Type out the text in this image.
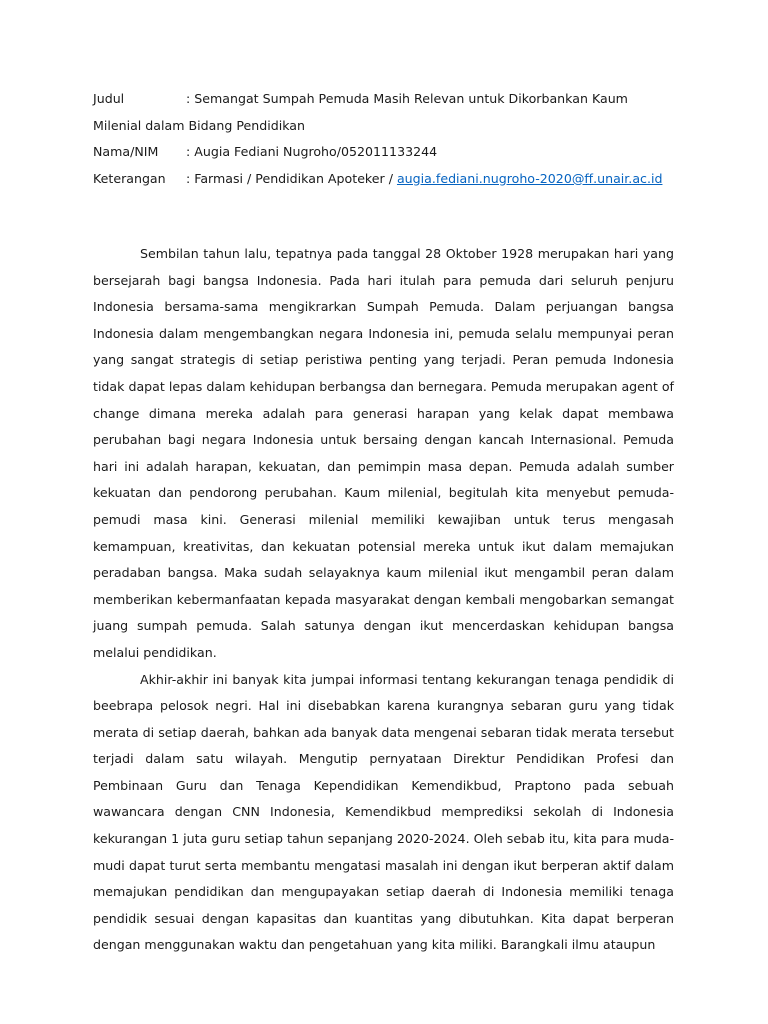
Judul	: Semangat Sumpah Pemuda Masih Relevan untuk Dikorbankan Kaum
Milenial dalam Bidang Pendidikan
Nama/NIM : Augia Fediani Nugroho/052011133244
Keterangan : Farmasi / Pendidikan Apoteker / augia.fediani.nugroho-2020@ff.unair.ac.id

Sembilan tahun lalu, tepatnya pada tanggal 28 Oktober 1928 merupakan hari yang bersejarah bagi bangsa Indonesia. Pada hari itulah para pemuda dari seluruh penjuru Indonesia bersama-sama mengikrarkan Sumpah Pemuda. Dalam perjuangan bangsa Indonesia dalam mengembangkan negara Indonesia ini, pemuda selalu mempunyai peran yang sangat strategis di setiap peristiwa penting yang terjadi. Peran pemuda Indonesia tidak dapat lepas dalam kehidupan berbangsa dan bernegara. Pemuda merupakan agent of change dimana mereka adalah para generasi harapan yang kelak dapat membawa perubahan bagi negara Indonesia untuk bersaing dengan kancah Internasional. Pemuda hari ini adalah harapan, kekuatan, dan pemimpin masa depan. Pemuda adalah sumber kekuatan dan pendorong perubahan. Kaum milenial, begitulah kita menyebut pemuda-pemudi masa kini. Generasi milenial memiliki kewajiban untuk terus mengasah kemampuan, kreativitas, dan kekuatan potensial mereka untuk ikut dalam memajukan peradaban bangsa. Maka sudah selayaknya kaum milenial ikut mengambil peran dalam memberikan kebermanfaatan kepada masyarakat dengan kembali mengobarkan semangat juang sumpah pemuda. Salah satunya dengan ikut mencerdaskan kehidupan bangsa melalui pendidikan.

Akhir-akhir ini banyak kita jumpai informasi tentang kekurangan tenaga pendidik di beebrapa pelosok negri. Hal ini disebabkan karena kurangnya sebaran guru yang tidak merata di setiap daerah, bahkan ada banyak data mengenai sebaran tidak merata tersebut terjadi dalam satu wilayah. Mengutip pernyataan Direktur Pendidikan Profesi dan Pembinaan Guru dan Tenaga Kependidikan Kemendikbud, Praptono pada sebuah wawancara dengan CNN Indonesia, Kemendikbud memprediksi sekolah di Indonesia kekurangan 1 juta guru setiap tahun sepanjang 2020-2024. Oleh sebab itu, kita para muda-mudi dapat turut serta membantu mengatasi masalah ini dengan ikut berperan aktif dalam memajukan pendidikan dan mengupayakan setiap daerah di Indonesia memiliki tenaga pendidik sesuai dengan kapasitas dan kuantitas yang dibutuhkan. Kita dapat berperan dengan menggunakan waktu dan pengetahuan yang kita miliki. Barangkali ilmu ataupun
